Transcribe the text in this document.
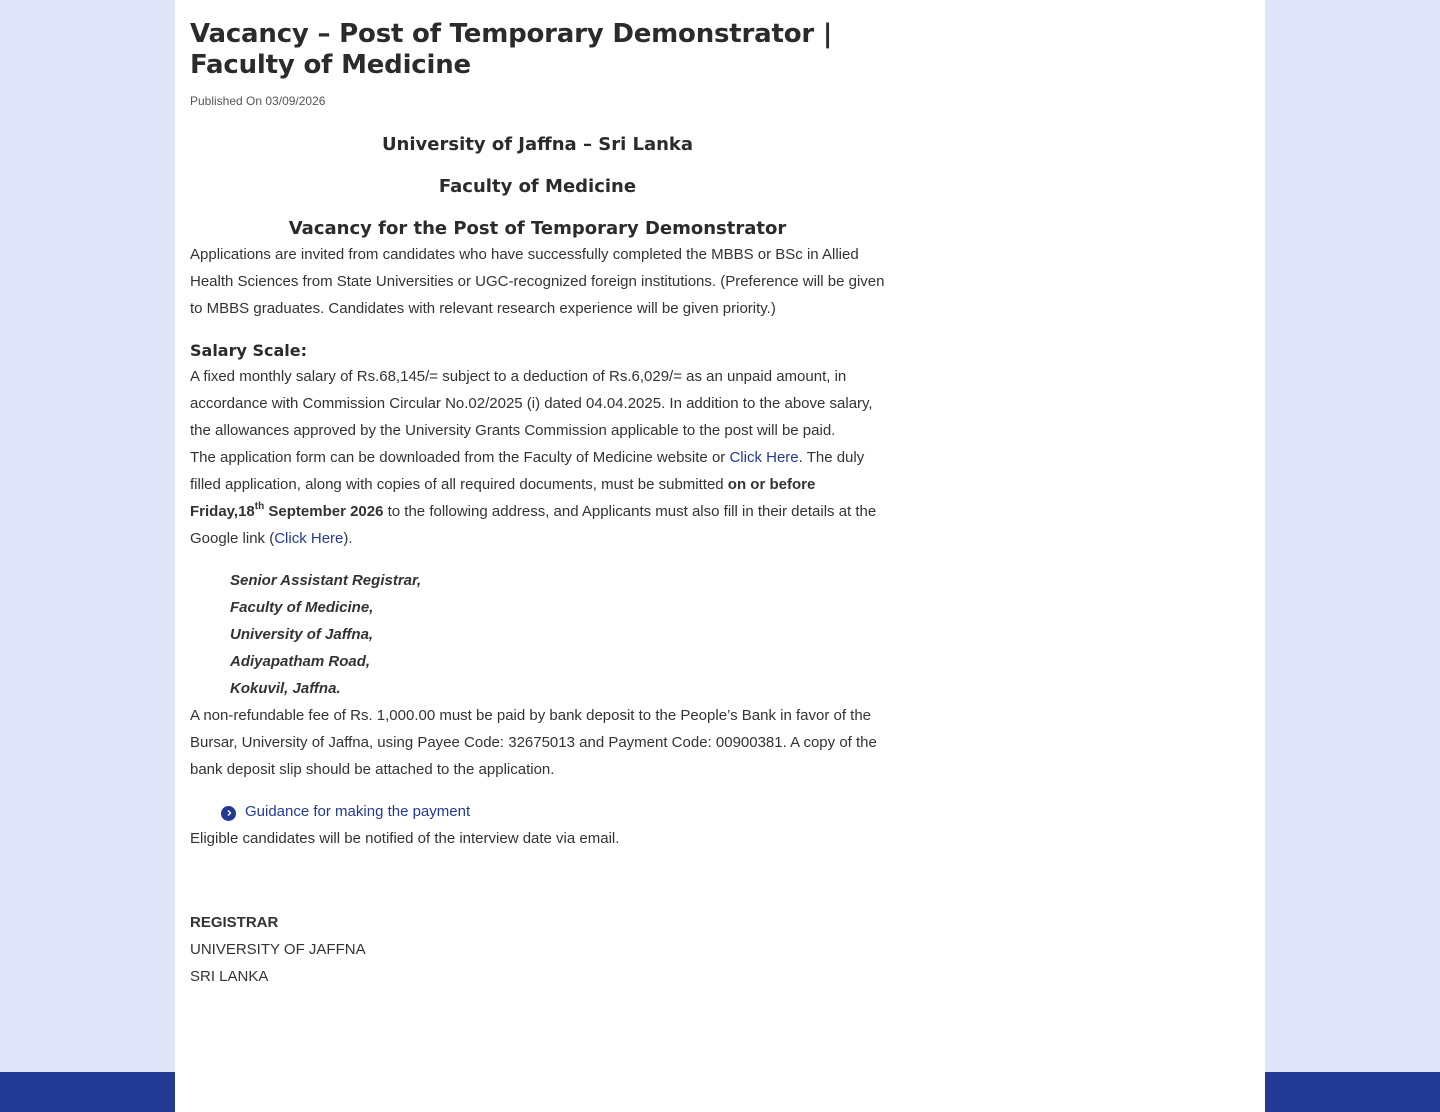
Vacancy – Post of Temporary Demonstrator | Faculty of Medicine
Published On 03/09/2026
University of Jaffna – Sri Lanka
Faculty of Medicine
Vacancy for the Post of Temporary Demonstrator

Applications are invited from candidates who have successfully completed the MBBS or BSc in Allied Health Sciences from State Universities or UGC-recognized foreign institutions. (Preference will be given to MBBS graduates. Candidates with relevant research experience will be given priority.)

Salary Scale:

A fixed monthly salary of Rs.68,145/= subject to a deduction of Rs.6,029/= as an unpaid amount, in accordance with Commission Circular No.02/2025 (i) dated 04.04.2025. In addition to the above salary, the allowances approved by the University Grants Commission applicable to the post will be paid.

The application form can be downloaded from the Faculty of Medicine website or Click Here. The duly filled application, along with copies of all required documents, must be submitted on or before Friday,18th September 2026 to the following address, and Applicants must also fill in their details at the Google link (Click Here).

Senior Assistant Registrar,
Faculty of Medicine,
University of Jaffna,
Adiyapatham Road,
Kokuvil, Jaffna.

A non-refundable fee of Rs. 1,000.00 must be paid by bank deposit to the People’s Bank in favor of the Bursar, University of Jaffna, using Payee Code: 32675013 and Payment Code: 00900381. A copy of the bank deposit slip should be attached to the application.

Guidance for making the payment

Eligible candidates will be notified of the interview date via email.

REGISTRAR
UNIVERSITY OF JAFFNA
SRI LANKA
